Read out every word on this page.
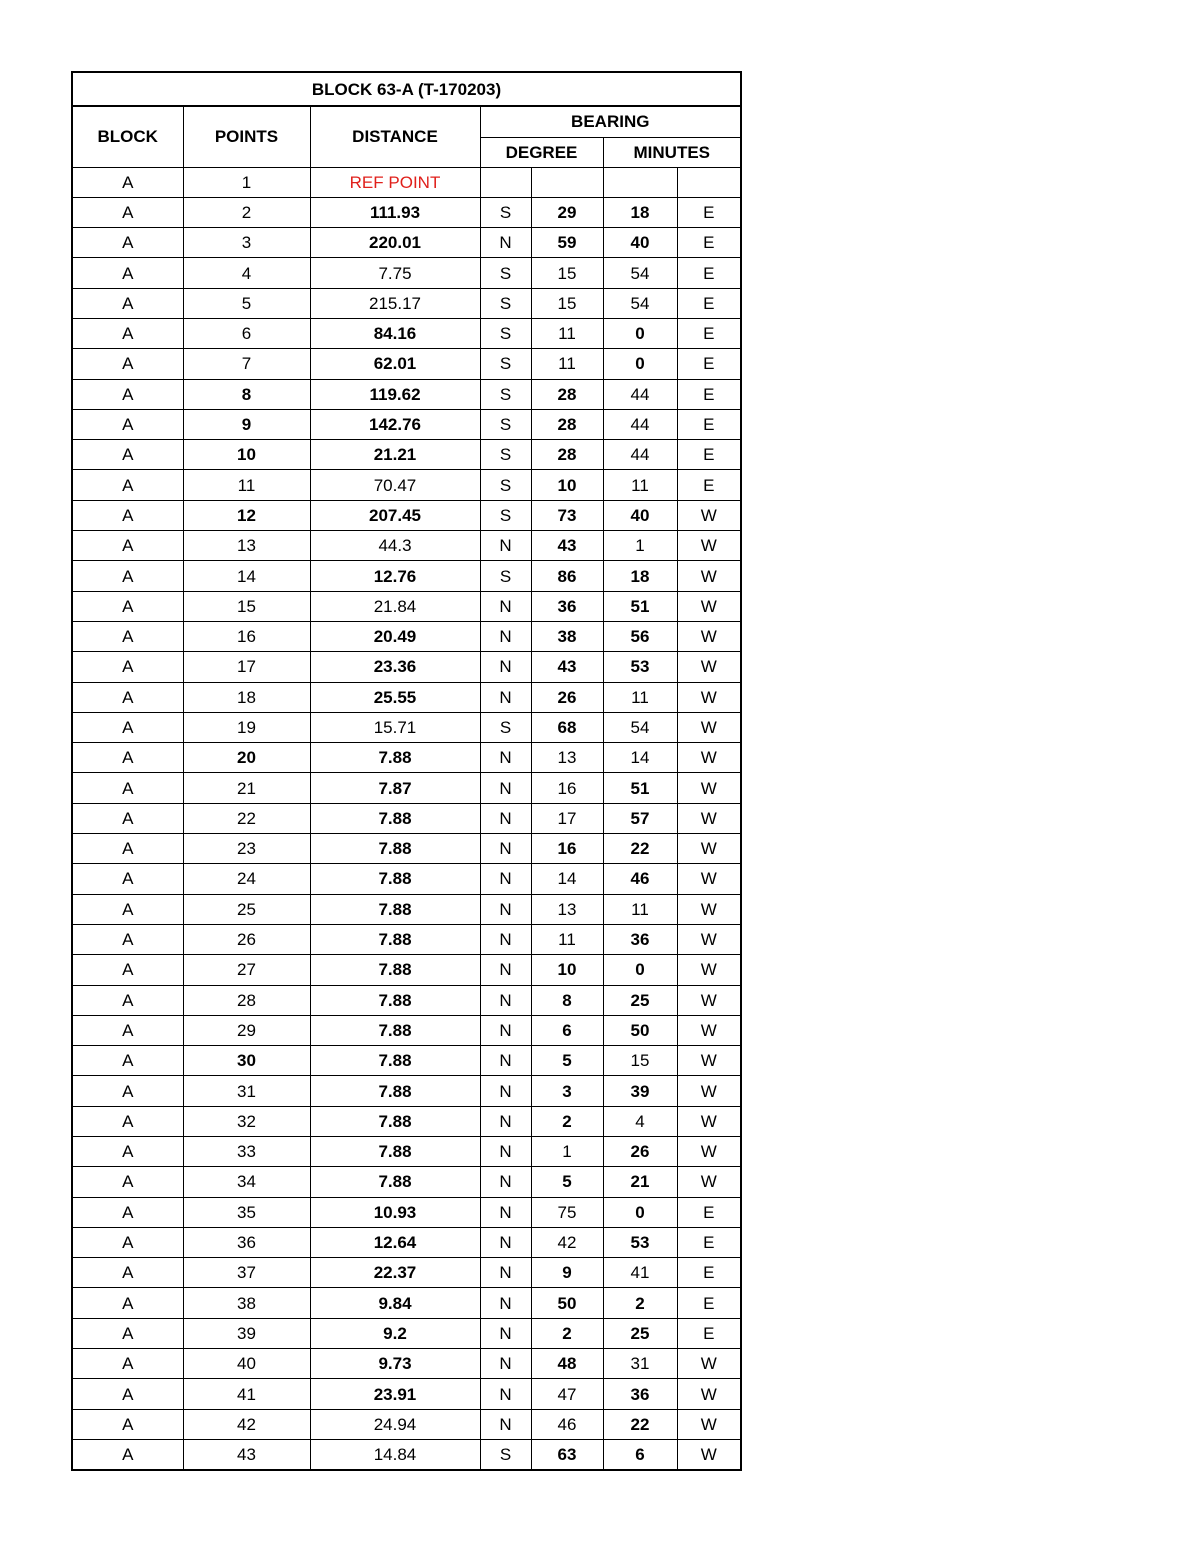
BLOCK 63-A (T-170203)						
BLOCK	POINTS	DISTANCE	BEARING			
			DEGREE		MINUTES	
A	1	REF POINT				
A	2	111.93	S	29	18	E
A	3	220.01	N	59	40	E
A	4	7.75	S	15	54	E
A	5	215.17	S	15	54	E
A	6	84.16	S	11	0	E
A	7	62.01	S	11	0	E
A	8	119.62	S	28	44	E
A	9	142.76	S	28	44	E
A	10	21.21	S	28	44	E
A	11	70.47	S	10	11	E
A	12	207.45	S	73	40	W
A	13	44.3	N	43	1	W
A	14	12.76	S	86	18	W
A	15	21.84	N	36	51	W
A	16	20.49	N	38	56	W
A	17	23.36	N	43	53	W
A	18	25.55	N	26	11	W
A	19	15.71	S	68	54	W
A	20	7.88	N	13	14	W
A	21	7.87	N	16	51	W
A	22	7.88	N	17	57	W
A	23	7.88	N	16	22	W
A	24	7.88	N	14	46	W
A	25	7.88	N	13	11	W
A	26	7.88	N	11	36	W
A	27	7.88	N	10	0	W
A	28	7.88	N	8	25	W
A	29	7.88	N	6	50	W
A	30	7.88	N	5	15	W
A	31	7.88	N	3	39	W
A	32	7.88	N	2	4	W
A	33	7.88	N	1	26	W
A	34	7.88	N	5	21	W
A	35	10.93	N	75	0	E
A	36	12.64	N	42	53	E
A	37	22.37	N	9	41	E
A	38	9.84	N	50	2	E
A	39	9.2	N	2	25	E
A	40	9.73	N	48	31	W
A	41	23.91	N	47	36	W
A	42	24.94	N	46	22	W
A	43	14.84	S	63	6	W
